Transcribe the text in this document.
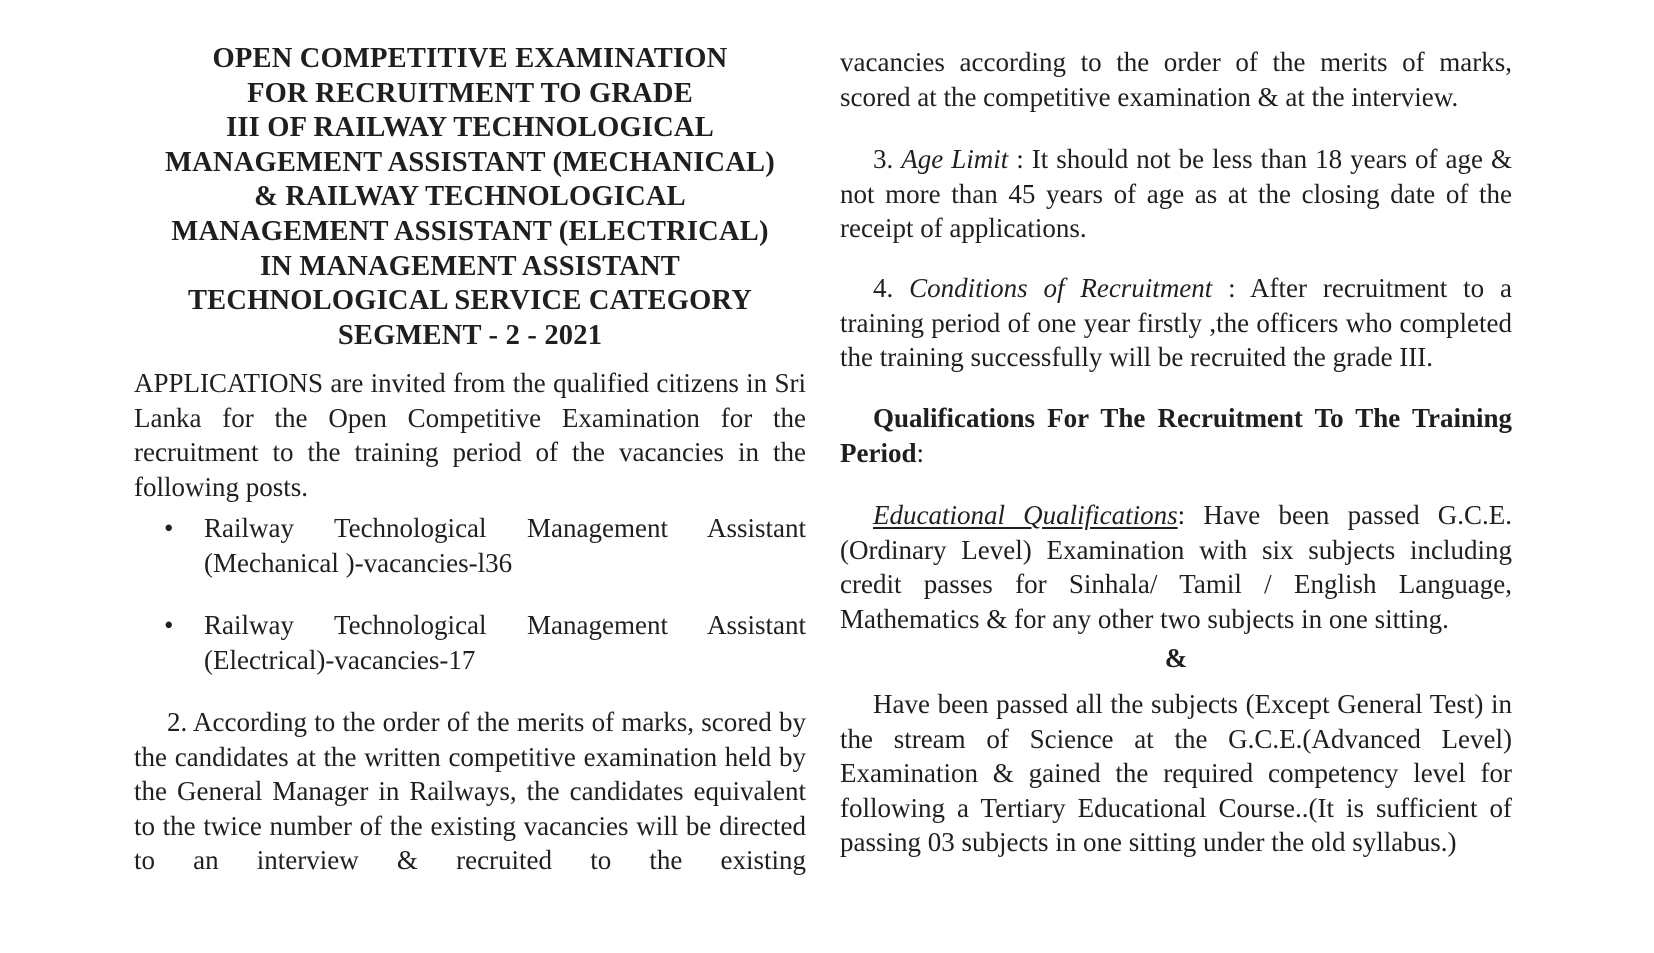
OPEN COMPETITIVE EXAMINATION
FOR RECRUITMENT TO GRADE
III OF RAILWAY TECHNOLOGICAL
MANAGEMENT ASSISTANT (MECHANICAL)
& RAILWAY TECHNOLOGICAL
MANAGEMENT ASSISTANT (ELECTRICAL)
IN MANAGEMENT ASSISTANT
TECHNOLOGICAL SERVICE CATEGORY
SEGMENT - 2 - 2021

APPLICATIONS are invited from the qualified citizens in Sri Lanka for the Open Competitive Examination for the recruitment to the training period of the vacancies in the following posts.

• Railway Technological Management Assistant
(Mechanical )-vacancies-l36
• Railway Technological Management Assistant
(Electrical)-vacancies-17

2. According to the order of the merits of marks, scored by the candidates at the written competitive examination held by the General Manager in Railways, the candidates equivalent to the twice number of the existing vacancies will be directed to an interview & recruited to the existing

vacancies according to the order of the merits of marks, scored at the competitive examination & at the interview.

3. Age Limit : It should not be less than 18 years of age & not more than 45 years of age as at the closing date of the receipt of applications.

4. Conditions of Recruitment : After recruitment to a training period of one year firstly ,the officers who completed the training successfully will be recruited the grade III.

Qualifications For The Recruitment To The Training Period:

Educational Qualifications: Have been passed G.C.E. (Ordinary Level) Examination with six subjects including credit passes for Sinhala/ Tamil / English Language, Mathematics & for any other two subjects in one sitting.

&

Have been passed all the subjects (Except General Test) in the stream of Science at the G.C.E.(Advanced Level) Examination & gained the required competency level for following a Tertiary Educational Course..(It is sufficient of passing 03 subjects in one sitting under the old syllabus.)
